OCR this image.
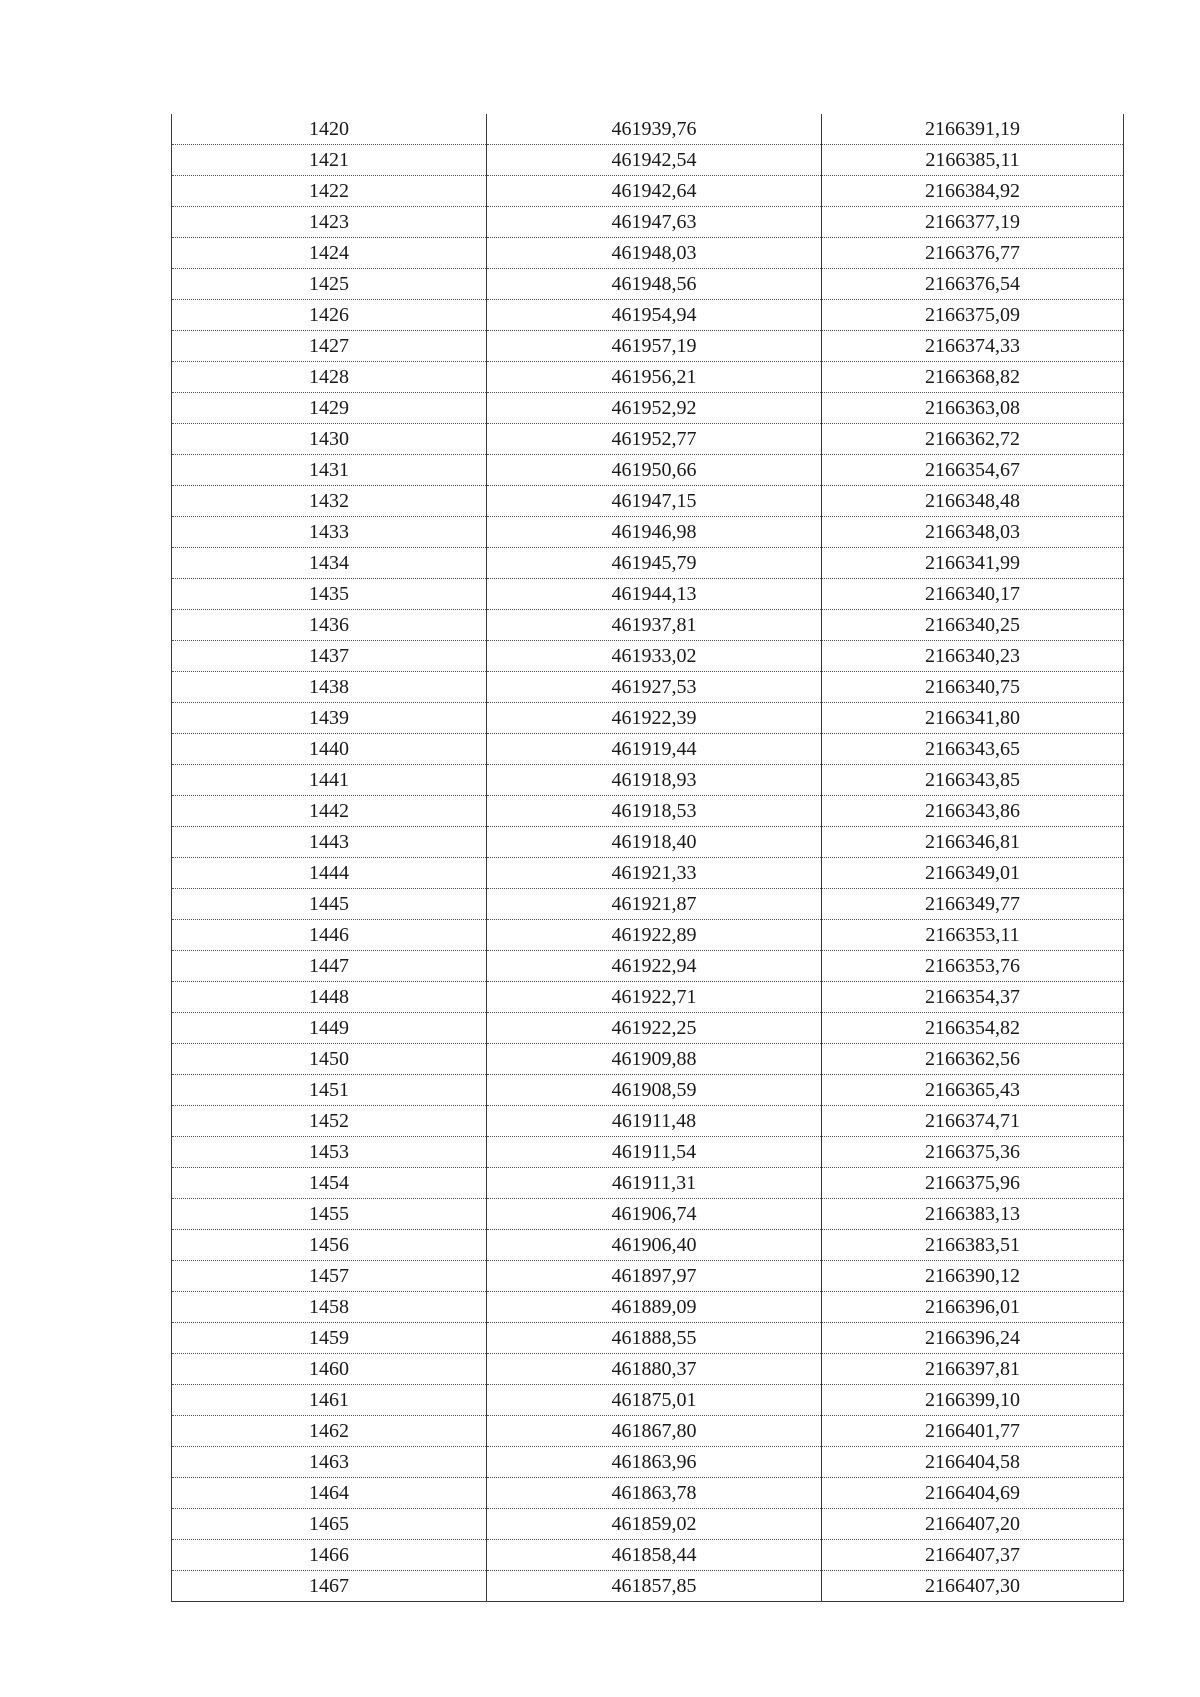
1420	461939,76	2166391,19
1421	461942,54	2166385,11
1422	461942,64	2166384,92
1423	461947,63	2166377,19
1424	461948,03	2166376,77
1425	461948,56	2166376,54
1426	461954,94	2166375,09
1427	461957,19	2166374,33
1428	461956,21	2166368,82
1429	461952,92	2166363,08
1430	461952,77	2166362,72
1431	461950,66	2166354,67
1432	461947,15	2166348,48
1433	461946,98	2166348,03
1434	461945,79	2166341,99
1435	461944,13	2166340,17
1436	461937,81	2166340,25
1437	461933,02	2166340,23
1438	461927,53	2166340,75
1439	461922,39	2166341,80
1440	461919,44	2166343,65
1441	461918,93	2166343,85
1442	461918,53	2166343,86
1443	461918,40	2166346,81
1444	461921,33	2166349,01
1445	461921,87	2166349,77
1446	461922,89	2166353,11
1447	461922,94	2166353,76
1448	461922,71	2166354,37
1449	461922,25	2166354,82
1450	461909,88	2166362,56
1451	461908,59	2166365,43
1452	461911,48	2166374,71
1453	461911,54	2166375,36
1454	461911,31	2166375,96
1455	461906,74	2166383,13
1456	461906,40	2166383,51
1457	461897,97	2166390,12
1458	461889,09	2166396,01
1459	461888,55	2166396,24
1460	461880,37	2166397,81
1461	461875,01	2166399,10
1462	461867,80	2166401,77
1463	461863,96	2166404,58
1464	461863,78	2166404,69
1465	461859,02	2166407,20
1466	461858,44	2166407,37
1467	461857,85	2166407,30
